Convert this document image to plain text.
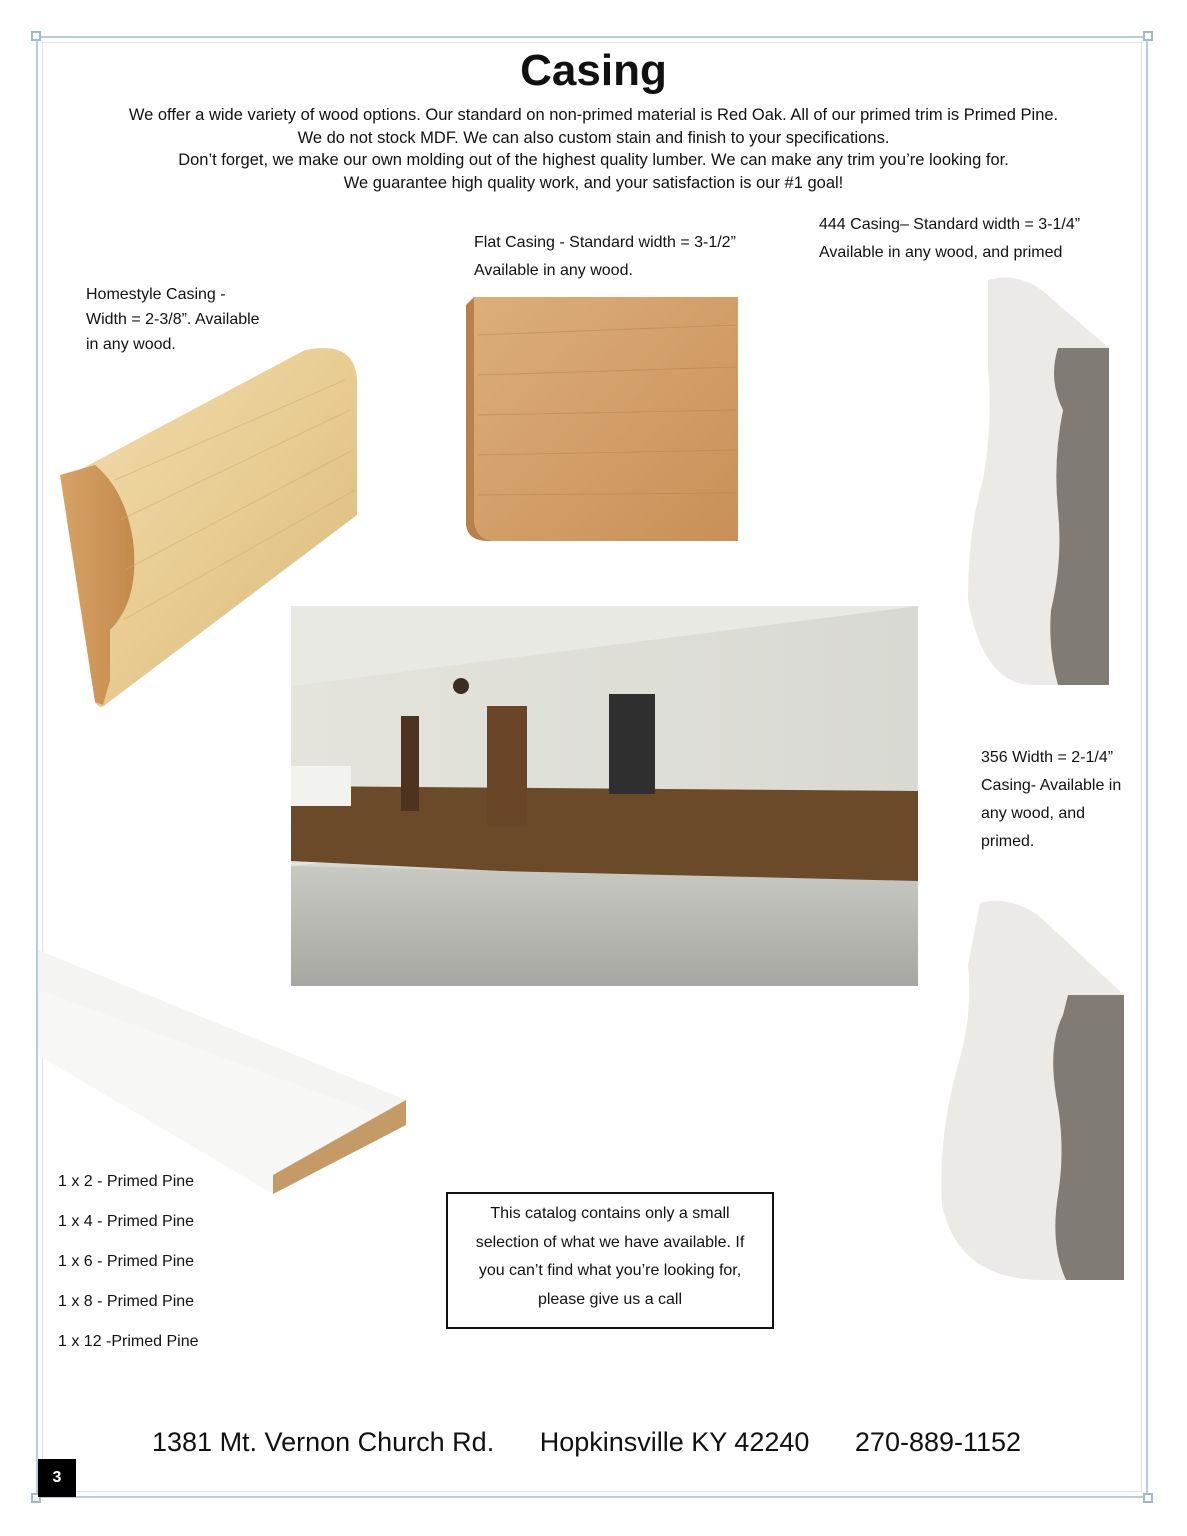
Casing
We offer a wide variety of wood options. Our standard on non-primed material is Red Oak. All of our primed trim is Primed Pine.
We do not stock MDF. We can also custom stain and finish to your specifications.
Don’t forget, we make our own molding out of the highest quality lumber. We can make any trim you’re looking for.
We guarantee high quality work, and your satisfaction is our #1 goal!
Homestyle Casing -
Width = 2-3/8”. Available
in any wood.
Flat Casing - Standard width = 3-1/2”
Available in any wood.
444 Casing– Standard width = 3-1/4”
Available in any wood, and primed
356 Width = 2-1/4”
Casing- Available in
any wood, and
primed.
1 x 2 - Primed Pine
1 x 4 - Primed Pine
1 x 6 - Primed Pine
1 x 8 - Primed Pine
1 x 12 -Primed Pine
This catalog contains only a small
selection of what we have available. If
you can’t find what you’re looking for,
please give us a call
1381 Mt. Vernon Church Rd. Hopkinsville KY 42240 270-889-1152
3
